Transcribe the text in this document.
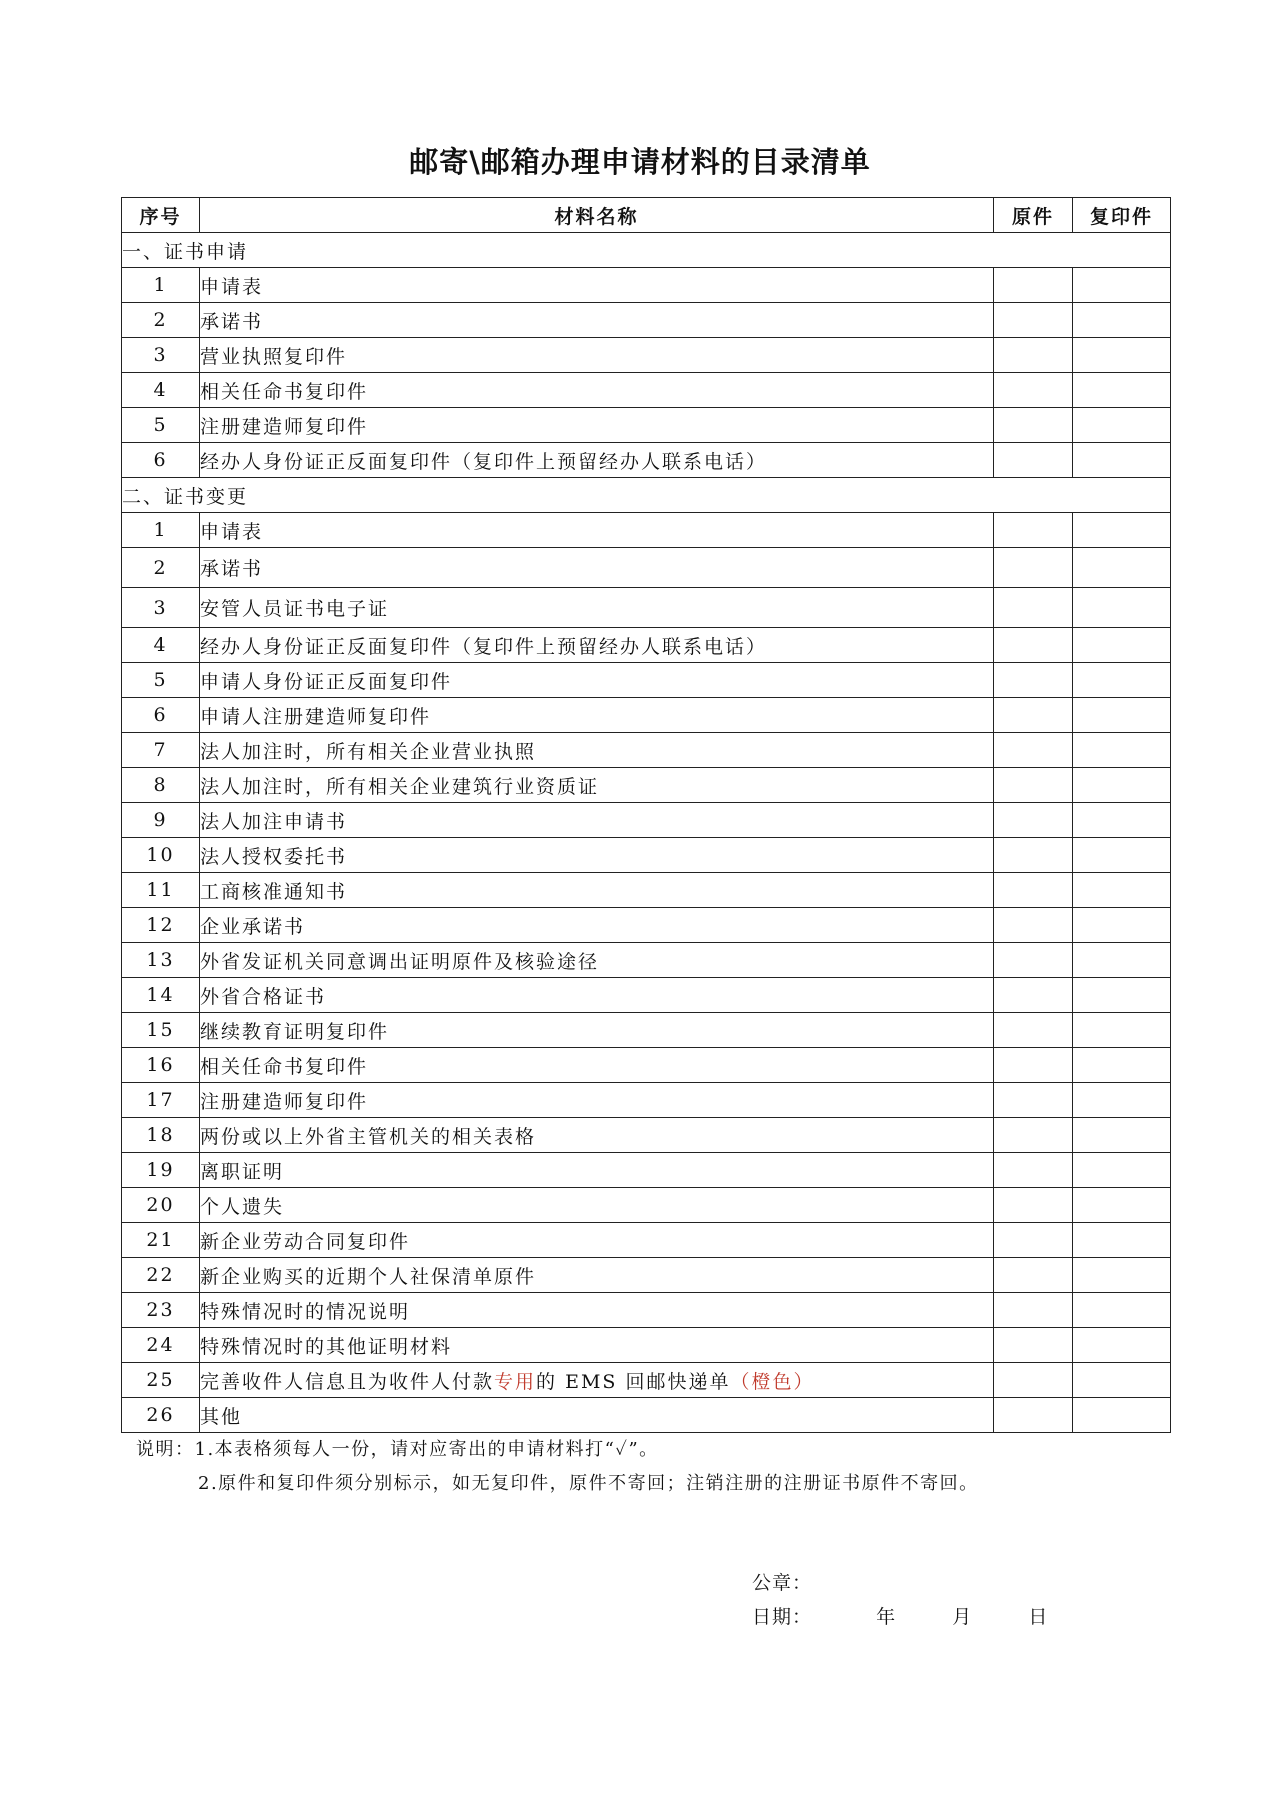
邮寄\邮箱办理申请材料的目录清单
序号	材料名称	原件	复印件
一、证书申请			
1	申请表		
2	承诺书		
3	营业执照复印件		
4	相关任命书复印件		
5	注册建造师复印件		
6	经办人身份证正反面复印件（复印件上预留经办人联系电话）		
二、证书变更			
1	申请表		
2	承诺书		
3	安管人员证书电子证		
4	经办人身份证正反面复印件（复印件上预留经办人联系电话）		
5	申请人身份证正反面复印件		
6	申请人注册建造师复印件		
7	法人加注时，所有相关企业营业执照		
8	法人加注时，所有相关企业建筑行业资质证		
9	法人加注申请书		
10	法人授权委托书		
11	工商核准通知书		
12	企业承诺书		
13	外省发证机关同意调出证明原件及核验途径		
14	外省合格证书		
15	继续教育证明复印件		
16	相关任命书复印件		
17	注册建造师复印件		
18	两份或以上外省主管机关的相关表格		
19	离职证明		
20	个人遗失		
21	新企业劳动合同复印件		
22	新企业购买的近期个人社保清单原件		
23	特殊情况时的情况说明		
24	特殊情况时的其他证明材料		
25	完善收件人信息且为收件人付款专用的 EMS 回邮快递单（橙色）		
26	其他		
说明：1.本表格须每人一份，请对应寄出的申请材料打“✓”。
2.原件和复印件须分别标示，如无复印件，原件不寄回；注销注册的注册证书原件不寄回。
公章：
日期：	年	月	日
